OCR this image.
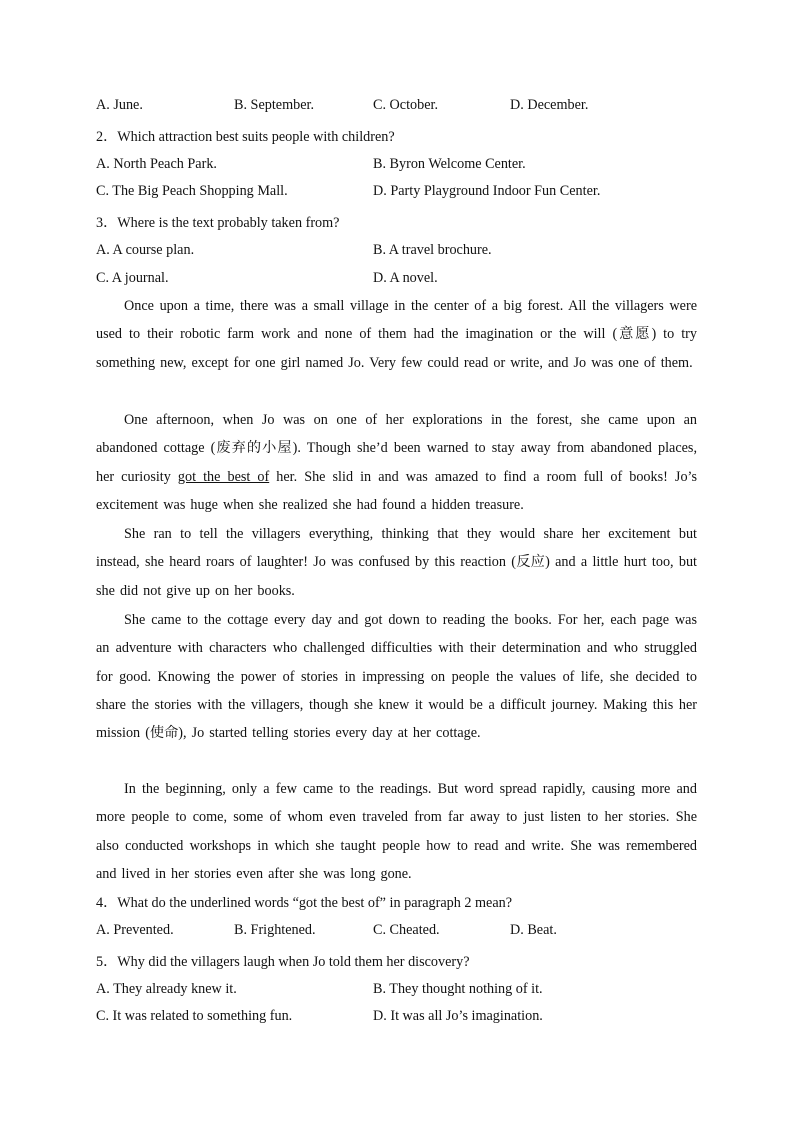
A. June.	B. September.	C. October.	D. December.
2．Which attraction best suits people with children?
A. North Peach Park.	B. Byron Welcome Center.
C. The Big Peach Shopping Mall.	D. Party Playground Indoor Fun Center.
3．Where is the text probably taken from?
A. A course plan.	B. A travel brochure.
C. A journal.	D. A novel.
Once upon a time, there was a small village in the center of a big forest. All the villagers were used to their robotic farm work and none of them had the imagination or the will (意愿) to try something new, except for one girl named Jo. Very few could read or write, and Jo was one of them.
One afternoon, when Jo was on one of her explorations in the forest, she came upon an abandoned cottage (废弃的小屋). Though she’d been warned to stay away from abandoned places, her curiosity got the best of her. She slid in and was amazed to find a room full of books! Jo’s excitement was huge when she realized she had found a hidden treasure.
She ran to tell the villagers everything, thinking that they would share her excitement but instead, she heard roars of laughter! Jo was confused by this reaction (反应) and a little hurt too, but she did not give up on her books.
She came to the cottage every day and got down to reading the books. For her, each page was an adventure with characters who challenged difficulties with their determination and who struggled for good. Knowing the power of stories in impressing on people the values of life, she decided to share the stories with the villagers, though she knew it would be a difficult journey. Making this her mission (使命), Jo started telling stories every day at her cottage.
In the beginning, only a few came to the readings. But word spread rapidly, causing more and more people to come, some of whom even traveled from far away to just listen to her stories. She also conducted workshops in which she taught people how to read and write. She was remembered and lived in her stories even after she was long gone.
4．What do the underlined words “got the best of” in paragraph 2 mean?
A. Prevented.	B. Frightened.	C. Cheated.	D. Beat.
5．Why did the villagers laugh when Jo told them her discovery?
A. They already knew it.	B. They thought nothing of it.
C. It was related to something fun.	D. It was all Jo’s imagination.
